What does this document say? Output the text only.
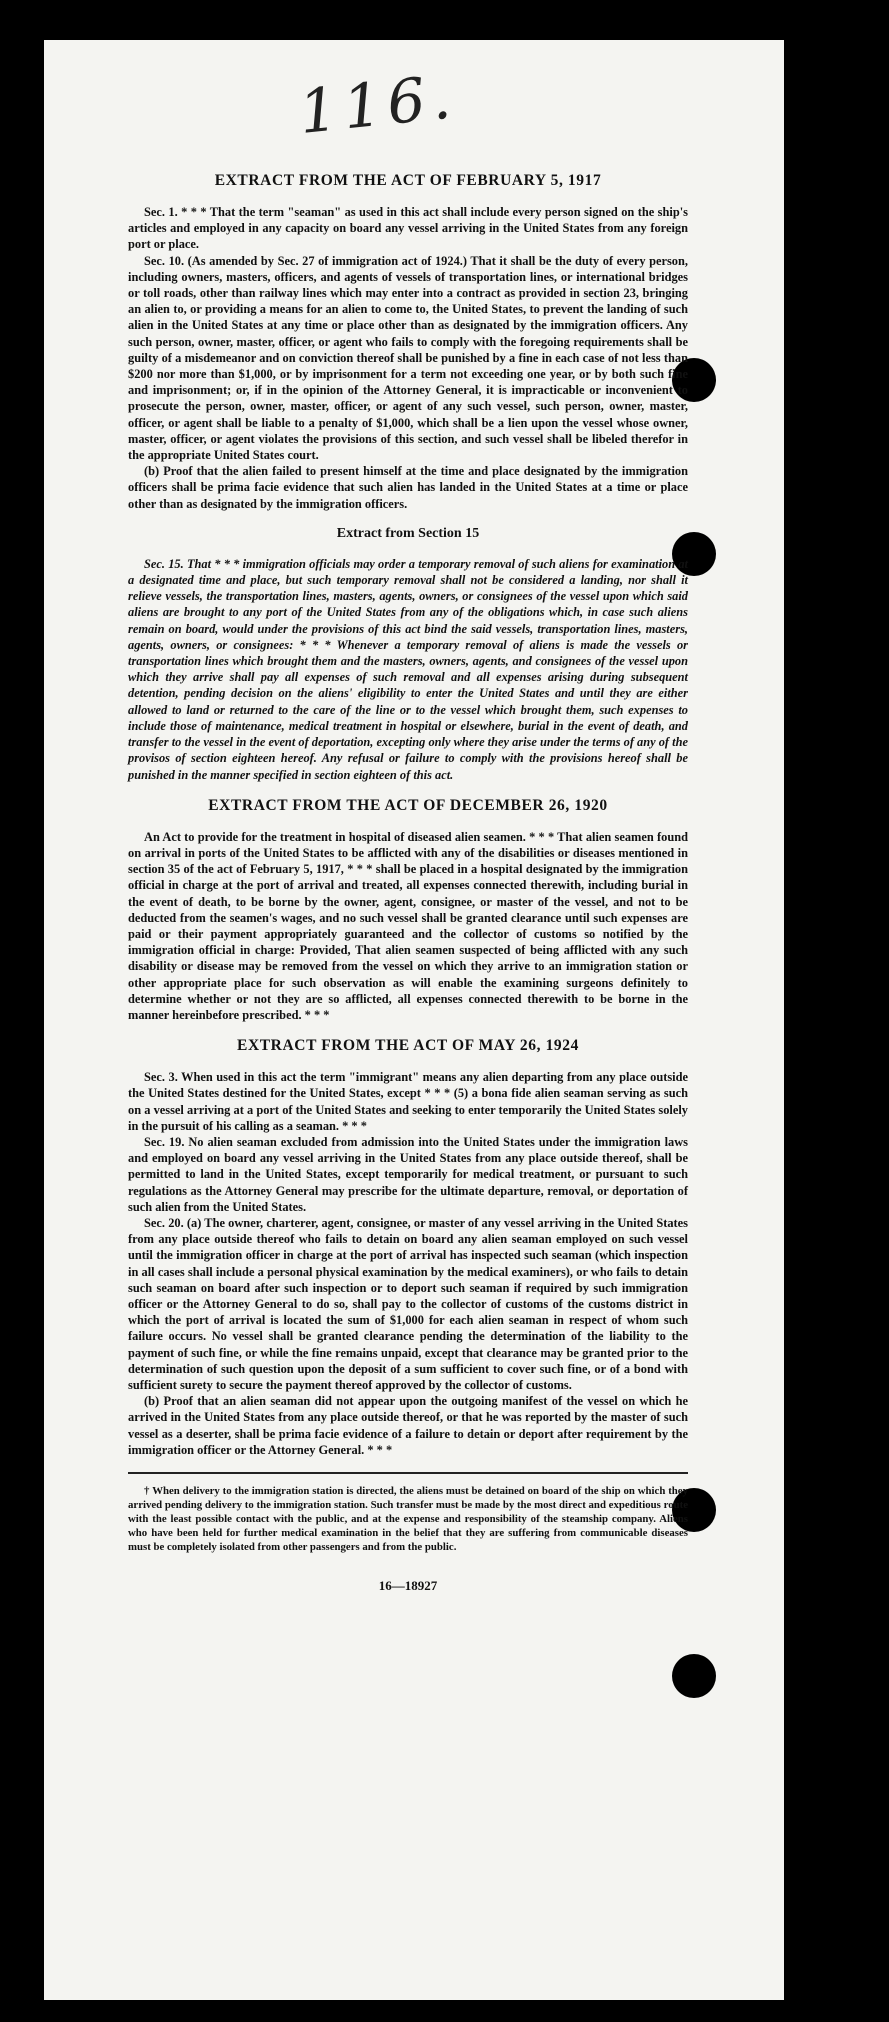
116.
EXTRACT FROM THE ACT OF FEBRUARY 5, 1917

Sec. 1. * * * That the term "seaman" as used in this act shall include every person signed on the ship's articles and employed in any capacity on board any vessel arriving in the United States from any foreign port or place.

Sec. 10. (As amended by Sec. 27 of immigration act of 1924.) That it shall be the duty of every person, including owners, masters, officers, and agents of vessels of transportation lines, or international bridges or toll roads, other than railway lines which may enter into a contract as provided in section 23, bringing an alien to, or providing a means for an alien to come to, the United States, to prevent the landing of such alien in the United States at any time or place other than as designated by the immigration officers. Any such person, owner, master, officer, or agent who fails to comply with the foregoing requirements shall be guilty of a misdemeanor and on conviction thereof shall be punished by a fine in each case of not less than $200 nor more than $1,000, or by imprisonment for a term not exceeding one year, or by both such fine and imprisonment; or, if in the opinion of the Attorney General, it is impracticable or inconvenient to prosecute the person, owner, master, officer, or agent of any such vessel, such person, owner, master, officer, or agent shall be liable to a penalty of $1,000, which shall be a lien upon the vessel whose owner, master, officer, or agent violates the provisions of this section, and such vessel shall be libeled therefor in the appropriate United States court.

(b) Proof that the alien failed to present himself at the time and place designated by the immigration officers shall be prima facie evidence that such alien has landed in the United States at a time or place other than as designated by the immigration officers.

Extract from Section 15

Sec. 15. That * * * immigration officials may order a temporary removal of such aliens for examination at a designated time and place, but such temporary removal shall not be considered a landing, nor shall it relieve vessels, the transportation lines, masters, agents, owners, or consignees of the vessel upon which said aliens are brought to any port of the United States from any of the obligations which, in case such aliens remain on board, would under the provisions of this act bind the said vessels, transportation lines, masters, agents, owners, or consignees: * * * Whenever a temporary removal of aliens is made the vessels or transportation lines which brought them and the masters, owners, agents, and consignees of the vessel upon which they arrive shall pay all expenses of such removal and all expenses arising during subsequent detention, pending decision on the aliens' eligibility to enter the United States and until they are either allowed to land or returned to the care of the line or to the vessel which brought them, such expenses to include those of maintenance, medical treatment in hospital or elsewhere, burial in the event of death, and transfer to the vessel in the event of deportation, excepting only where they arise under the terms of any of the provisos of section eighteen hereof. Any refusal or failure to comply with the provisions hereof shall be punished in the manner specified in section eighteen of this act.

EXTRACT FROM THE ACT OF DECEMBER 26, 1920

An Act to provide for the treatment in hospital of diseased alien seamen. * * * That alien seamen found on arrival in ports of the United States to be afflicted with any of the disabilities or diseases mentioned in section 35 of the act of February 5, 1917, * * * shall be placed in a hospital designated by the immigration official in charge at the port of arrival and treated, all expenses connected therewith, including burial in the event of death, to be borne by the owner, agent, consignee, or master of the vessel, and not to be deducted from the seamen's wages, and no such vessel shall be granted clearance until such expenses are paid or their payment appropriately guaranteed and the collector of customs so notified by the immigration official in charge: Provided, That alien seamen suspected of being afflicted with any such disability or disease may be removed from the vessel on which they arrive to an immigration station or other appropriate place for such observation as will enable the examining surgeons definitely to determine whether or not they are so afflicted, all expenses connected therewith to be borne in the manner hereinbefore prescribed. * * *

EXTRACT FROM THE ACT OF MAY 26, 1924

Sec. 3. When used in this act the term "immigrant" means any alien departing from any place outside the United States destined for the United States, except * * * (5) a bona fide alien seaman serving as such on a vessel arriving at a port of the United States and seeking to enter temporarily the United States solely in the pursuit of his calling as a seaman. * * *

Sec. 19. No alien seaman excluded from admission into the United States under the immigration laws and employed on board any vessel arriving in the United States from any place outside thereof, shall be permitted to land in the United States, except temporarily for medical treatment, or pursuant to such regulations as the Attorney General may prescribe for the ultimate departure, removal, or deportation of such alien from the United States.

Sec. 20. (a) The owner, charterer, agent, consignee, or master of any vessel arriving in the United States from any place outside thereof who fails to detain on board any alien seaman employed on such vessel until the immigration officer in charge at the port of arrival has inspected such seaman (which inspection in all cases shall include a personal physical examination by the medical examiners), or who fails to detain such seaman on board after such inspection or to deport such seaman if required by such immigration officer or the Attorney General to do so, shall pay to the collector of customs of the customs district in which the port of arrival is located the sum of $1,000 for each alien seaman in respect of whom such failure occurs. No vessel shall be granted clearance pending the determination of the liability to the payment of such fine, or while the fine remains unpaid, except that clearance may be granted prior to the determination of such question upon the deposit of a sum sufficient to cover such fine, or of a bond with sufficient surety to secure the payment thereof approved by the collector of customs.

(b) Proof that an alien seaman did not appear upon the outgoing manifest of the vessel on which he arrived in the United States from any place outside thereof, or that he was reported by the master of such vessel as a deserter, shall be prima facie evidence of a failure to detain or deport after requirement by the immigration officer or the Attorney General. * * *

† When delivery to the immigration station is directed, the aliens must be detained on board of the ship on which they arrived pending delivery to the immigration station. Such transfer must be made by the most direct and expeditious route with the least possible contact with the public, and at the expense and responsibility of the steamship company. Aliens who have been held for further medical examination in the belief that they are suffering from communicable diseases must be completely isolated from other passengers and from the public.

16—18927
